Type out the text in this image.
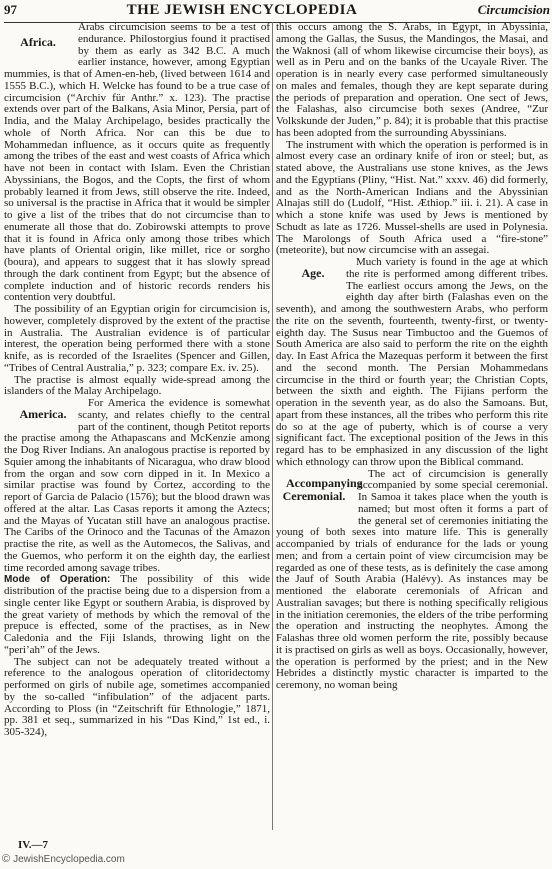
97	THE JEWISH ENCYCLOPEDIA	Circumcision

Africa.
Arabs circumcision seems to be a test of endurance. Philostorgius found it practised by them as early as 342 B.C. A much earlier instance, however, among Egyptian mummies, is that of Amen-en-heb, (lived between 1614 and 1555 B.C.), which H. Welcke has found to be a true case of circumcision (“Archiv für Anthr.” x. 123). The practise extends over part of the Balkans, Asia Minor, Persia, part of India, and the Malay Archipelago, besides practically the whole of North Africa. Nor can this be due to Mohammedan influence, as it occurs quite as frequently among the tribes of the east and west coasts of Africa which have not been in contact with Islam. Even the Christian Abyssinians, the Bogos, and the Copts, the first of whom probably learned it from Jews, still observe the rite. Indeed, so universal is the practise in Africa that it would be simpler to give a list of the tribes that do not circumcise than to enumerate all those that do. Zobirowski attempts to prove that it is found in Africa only among those tribes which have plants of Oriental origin, like millet, rice or sorgho (boura), and appears to suggest that it has slowly spread through the dark continent from Egypt; but the absence of complete induction and of historic records renders his contention very doubtful.

The possibility of an Egyptian origin for circumcision is, however, completely disproved by the extent of the practise in Australia. The Australian evidence is of particular interest, the operation being performed there with a stone knife, as is recorded of the Israelites (Spencer and Gillen, “Tribes of Central Australia,” p. 323; compare Ex. iv. 25).

The practise is almost equally wide-spread among the islanders of the Malay Archipelago.

America.
For America the evidence is somewhat scanty, and relates chiefly to the central part of the continent, though Petitot reports the practise among the Athapascans and McKenzie among the Dog River Indians. An analogous practise is reported by Squier among the inhabitants of Nicaragua, who draw blood from the organ and sow corn dipped in it. In Mexico a similar practise was found by Cortez, according to the report of Garcia de Palacio (1576); but the blood drawn was offered at the altar. Las Casas reports it among the Aztecs; and the Mayas of Yucatan still have an analogous practise. The Caribs of the Orinoco and the Tacunas of the Amazon practise the rite, as well as the Automecos, the Salivas, and the Guemos, who perform it on the eighth day, the earliest time recorded among savage tribes.

Mode of Operation: The possibility of this wide distribution of the practise being due to a dispersion from a single center like Egypt or southern Arabia, is disproved by the great variety of methods by which the removal of the prepuce is effected, some of the practises, as in New Caledonia and the Fiji Islands, throwing light on the “peri’ah” of the Jews.

The subject can not be adequately treated without a reference to the analogous operation of clitoridectomy performed on girls of nubile age, sometimes accompanied by the so-called “infibulation” of the adjacent parts. According to Ploss (in “Zeitschrift für Ethnologie,” 1871, pp. 381 et seq., summarized in his “Das Kind,” 1st ed., i. 305-324),

this occurs among the S. Arabs, in Egypt, in Abyssinia, among the Gallas, the Susus, the Mandingos, the Masai, and the Waknosi (all of whom likewise circumcise their boys), as well as in Peru and on the banks of the Ucayale River. The operation is in nearly every case performed simultaneously on males and females, though they are kept separate during the periods of preparation and operation. One sect of Jews, the Falashas, also circumcise both sexes (Andree, “Zur Volkskunde der Juden,” p. 84); it is probable that this practise has been adopted from the surrounding Abyssinians.

The instrument with which the operation is performed is in almost every case an ordinary knife of iron or steel; but, as stated above, the Australians use stone knives, as the Jews and the Egyptians (Pliny, “Hist. Nat.” xxxv. 46) did formerly, and as the North-American Indians and the Abyssinian Alnajas still do (Ludolf, “Hist. Æthiop.” iii. i. 21). A case in which a stone knife was used by Jews is mentioned by Schudt as late as 1726. Mussel-shells are used in Polynesia. The Marolongs of South Africa used a “fire-stone” (meteorite), but now circumcise with an assegai.

Age.
Much variety is found in the age at which the rite is performed among different tribes. The earliest occurs among the Jews, on the eighth day after birth (Falashas even on the seventh), and among the southwestern Arabs, who perform the rite on the seventh, fourteenth, twenty-first, or twenty-eighth day. The Susus near Timbuctoo and the Guemos of South America are also said to perform the rite on the eighth day. In East Africa the Mazequas perform it between the first and the second month. The Persian Mohammedans circumcise in the third or fourth year; the Christian Copts, between the sixth and eighth. The Fijians perform the operation in the seventh year, as do also the Samoans. But, apart from these instances, all the tribes who perform this rite do so at the age of puberty, which is of course a very significant fact. The exceptional position of the Jews in this regard has to be emphasized in any discussion of the light which ethnology can throw upon the Biblical command.

Accompanying Ceremonial.
The act of circumcision is generally accompanied by some special ceremonial. In Samoa it takes place when the youth is named; but most often it forms a part of the general set of ceremonies initiating the young of both sexes into mature life. This is generally accompanied by trials of endurance for the lads or young men; and from a certain point of view circumcision may be regarded as one of these tests, as is definitely the case among the Jauf of South Arabia (Halévy). As instances may be mentioned the elaborate ceremonials of African and Australian savages; but there is nothing specifically religious in the initiation ceremonies, the elders of the tribe performing the operation and instructing the neophytes. Among the Falashas three old women perform the rite, possibly because it is practised on girls as well as boys. Occasionally, however, the operation is performed by the priest; and in the New Hebrides a distinctly mystic character is imparted to the ceremony, no woman being

IV.—7
© JewishEncyclopedia.com
